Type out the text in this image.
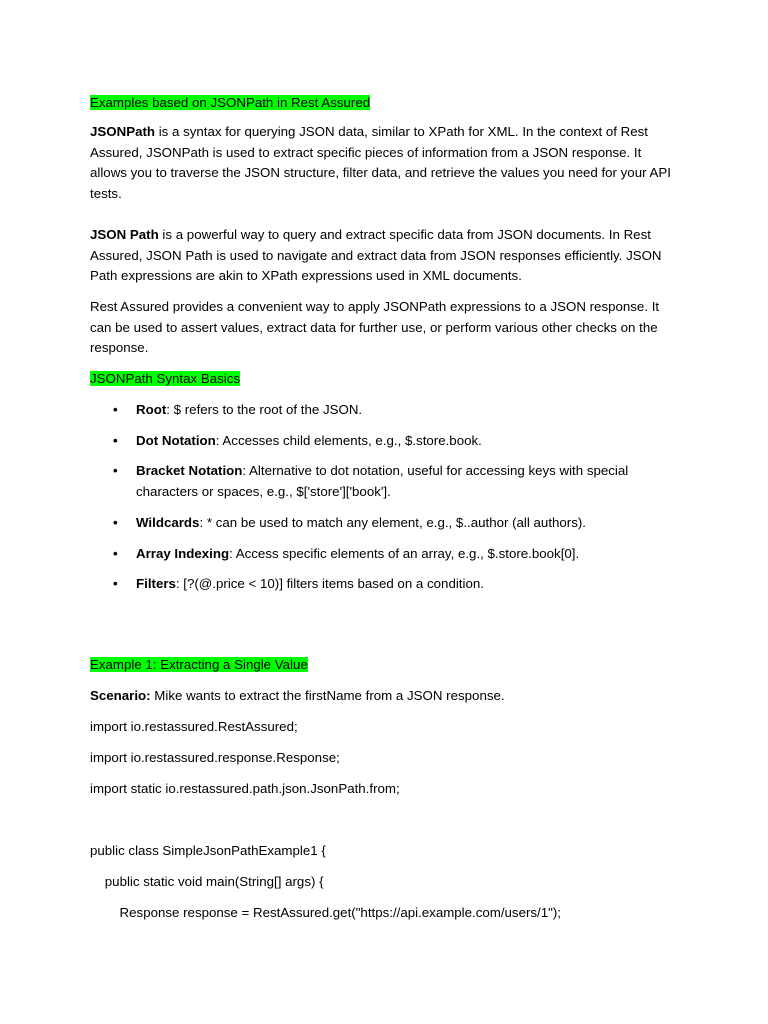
Examples based on JSONPath in Rest Assured

JSONPath is a syntax for querying JSON data, similar to XPath for XML. In the context of Rest Assured, JSONPath is used to extract specific pieces of information from a JSON response. It allows you to traverse the JSON structure, filter data, and retrieve the values you need for your API tests.

JSON Path is a powerful way to query and extract specific data from JSON documents. In Rest Assured, JSON Path is used to navigate and extract data from JSON responses efficiently. JSON Path expressions are akin to XPath expressions used in XML documents.

Rest Assured provides a convenient way to apply JSONPath expressions to a JSON response. It can be used to assert values, extract data for further use, or perform various other checks on the response.

JSONPath Syntax Basics

• Root: $ refers to the root of the JSON.
• Dot Notation: Accesses child elements, e.g., $.store.book.
• Bracket Notation: Alternative to dot notation, useful for accessing keys with special characters or spaces, e.g., $['store']['book'].
• Wildcards: * can be used to match any element, e.g., $..author (all authors).
• Array Indexing: Access specific elements of an array, e.g., $.store.book[0].
• Filters: [?(@.price < 10)] filters items based on a condition.

Example 1: Extracting a Single Value

Scenario: Mike wants to extract the firstName from a JSON response.

import io.restassured.RestAssured;

import io.restassured.response.Response;

import static io.restassured.path.json.JsonPath.from;

public class SimpleJsonPathExample1 {

public static void main(String[] args) {

Response response = RestAssured.get("https://api.example.com/users/1");
